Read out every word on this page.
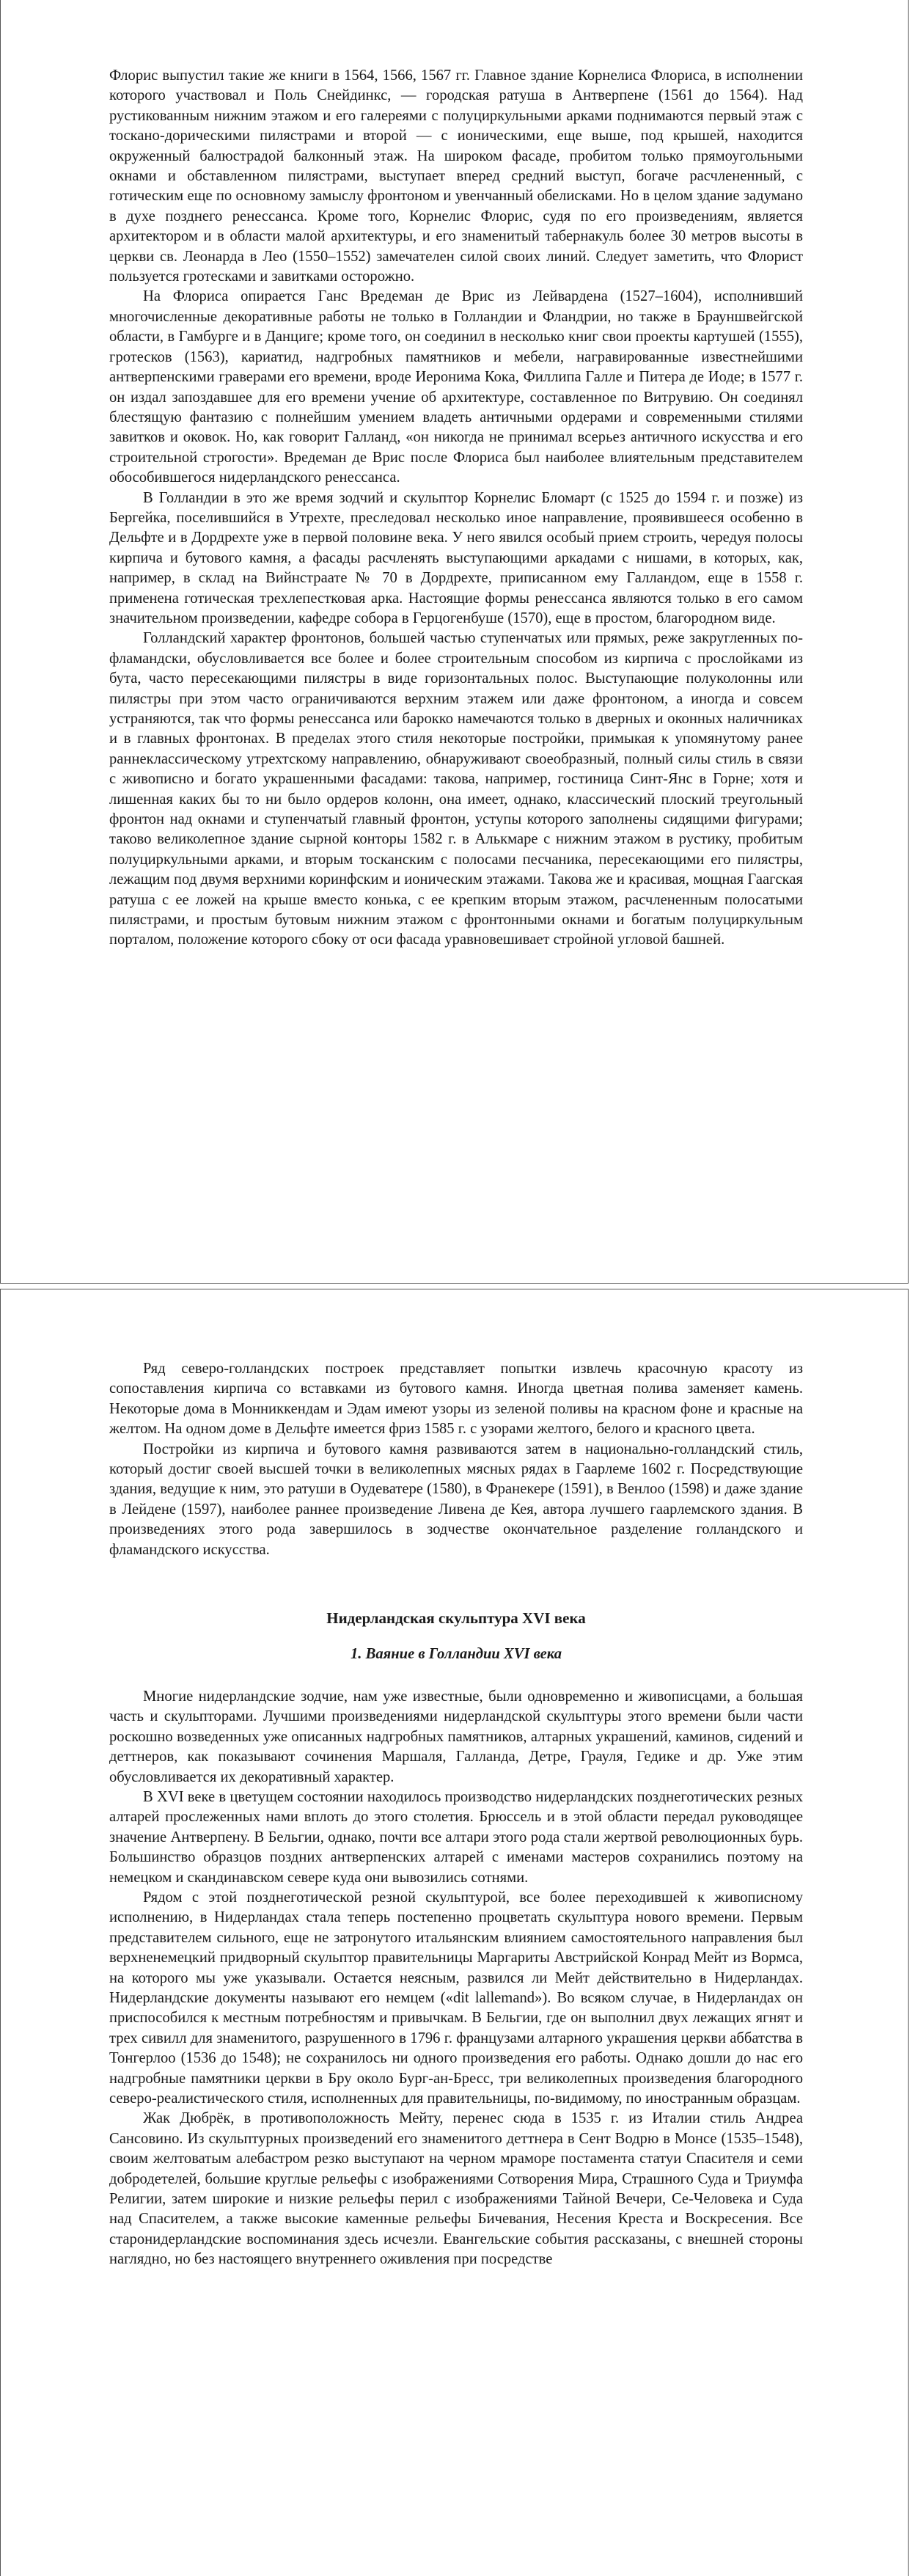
Флорис выпустил такие же книги в 1564, 1566, 1567 гг. Главное здание Корнелиса Флориса, в исполнении которого участвовал и Поль Снейдинкс, — городская ратуша в Антверпене (1561 до 1564). Над рустикованным нижним этажом и его галереями с полуциркульными арками поднимаются первый этаж с тоскано-дорическими пилястрами и второй — с ионическими, еще выше, под крышей, находится окруженный балюстрадой балконный этаж. На широком фасаде, пробитом только прямоугольными окнами и обставленном пилястрами, выступает вперед средний выступ, богаче расчлененный, с готическим еще по основному замыслу фронтоном и увенчанный обелисками. Но в целом здание задумано в духе позднего ренессанса. Кроме того, Корнелис Флорис, судя по его произведениям, является архитектором и в области малой архитектуры, и его знаменитый табернакуль более 30 метров высоты в церкви св. Леонарда в Лео (1550–1552) замечателен силой своих линий. Следует заметить, что Флорист пользуется гротесками и завитками осторожно.

На Флориса опирается Ганс Вредеман де Врис из Лейвардена (1527–1604), исполнивший многочисленные декоративные работы не только в Голландии и Фландрии, но также в Брауншвейгской области, в Гамбурге и в Данциге; кроме того, он соединил в несколько книг свои проекты картушей (1555), гротесков (1563), кариатид, надгробных памятников и мебели, награвированные известнейшими антверпенскими граверами его времени, вроде Иеронима Кока, Филлипа Галле и Питера де Иоде; в 1577 г. он издал запоздавшее для его времени учение об архитектуре, составленное по Витрувию. Он соединял блестящую фантазию с полнейшим умением владеть античными ордерами и современными стилями завитков и оковок. Но, как говорит Галланд, «он никогда не принимал всерьез античного искусства и его строительной строгости». Вредеман де Врис после Флориса был наиболее влиятельным представителем обособившегося нидерландского ренессанса.

В Голландии в это же время зодчий и скульптор Корнелис Бломарт (с 1525 до 1594 г. и позже) из Бергейка, поселившийся в Утрехте, преследовал несколько иное направление, проявившееся особенно в Дельфте и в Дордрехте уже в первой половине века. У него явился особый прием строить, чередуя полосы кирпича и бутового камня, а фасады расчленять выступающими аркадами с нишами, в которых, как, например, в склад на Вийнстраате № 70 в Дордрехте, приписанном ему Галландом, еще в 1558 г. применена готическая трехлепестковая арка. Настоящие формы ренессанса являются только в его самом значительном произведении, кафедре собора в Герцогенбуше (1570), еще в простом, благородном виде.

Голландский характер фронтонов, большей частью ступенчатых или прямых, реже закругленных по-фламандски, обусловливается все более и более строительным способом из кирпича с прослойками из бута, часто пересекающими пилястры в виде горизонтальных полос. Выступающие полуколонны или пилястры при этом часто ограничиваются верхним этажем или даже фронтоном, а иногда и совсем устраняются, так что формы ренессанса или барокко намечаются только в дверных и оконных наличниках и в главных фронтонах. В пределах этого стиля некоторые постройки, примыкая к упомянутому ранее раннеклассическому утрехтскому направлению, обнаруживают своеобразный, полный силы стиль в связи с живописно и богато украшенными фасадами: такова, например, гостиница Синт-Янс в Горне; хотя и лишенная каких бы то ни было ордеров колонн, она имеет, однако, классический плоский треугольный фронтон над окнами и ступенчатый главный фронтон, уступы которого заполнены сидящими фигурами; таково великолепное здание сырной конторы 1582 г. в Алькмаре с нижним этажом в рустику, пробитым полуциркульными арками, и вторым тосканским с полосами песчаника, пересекающими его пилястры, лежащим под двумя верхними коринфским и ионическим этажами. Такова же и красивая, мощная Гаагская ратуша с ее ложей на крыше вместо конька, с ее крепким вторым этажом, расчлененным полосатыми пилястрами, и простым бутовым нижним этажом с фронтонными окнами и богатым полуциркульным порталом, положение которого сбоку от оси фасада уравновешивает стройной угловой башней.

Ряд северо-голландских построек представляет попытки извлечь красочную красоту из сопоставления кирпича со вставками из бутового камня. Иногда цветная полива заменяет камень. Некоторые дома в Монниккендам и Эдам имеют узоры из зеленой поливы на красном фоне и красные на желтом. На одном доме в Дельфте имеется фриз 1585 г. с узорами желтого, белого и красного цвета.

Постройки из кирпича и бутового камня развиваются затем в национально-голландский стиль, который достиг своей высшей точки в великолепных мясных рядах в Гаарлеме 1602 г. Посредствующие здания, ведущие к ним, это ратуши в Оудеватере (1580), в Франекере (1591), в Венлоо (1598) и даже здание в Лейдене (1597), наиболее раннее произведение Ливена де Кея, автора лучшего гаарлемского здания. В произведениях этого рода завершилось в зодчестве окончательное разделение голландского и фламандского искусства.

Нидерландская скульптура XVI века
1. Ваяние в Голландии XVI века

Многие нидерландские зодчие, нам уже известные, были одновременно и живописцами, а большая часть и скульпторами. Лучшими произведениями нидерландской скульптуры этого времени были части роскошно возведенных уже описанных надгробных памятников, алтарных украшений, каминов, сидений и деттнеров, как показывают сочинения Маршаля, Галланда, Детре, Грауля, Гедике и др. Уже этим обусловливается их декоративный характер.

В XVI веке в цветущем состоянии находилось производство нидерландских позднеготических резных алтарей прослеженных нами вплоть до этого столетия. Брюссель и в этой области передал руководящее значение Антверпену. В Бельгии, однако, почти все алтари этого рода стали жертвой революционных бурь. Большинство образцов поздних антверпенских алтарей с именами мастеров сохранились поэтому на немецком и скандинавском севере куда они вывозились сотнями.

Рядом с этой позднеготической резной скульптурой, все более переходившей к живописному исполнению, в Нидерландах стала теперь постепенно процветать скульптура нового времени. Первым представителем сильного, еще не затронутого итальянским влиянием самостоятельного направления был верхненемецкий придворный скульптор правительницы Маргариты Австрийской Конрад Мейт из Вормса, на которого мы уже указывали. Остается неясным, развился ли Мейт действительно в Нидерландах. Нидерландские документы называют его немцем («dit lallemand»). Во всяком случае, в Нидерландах он приспособился к местным потребностям и привычкам. В Бельгии, где он выполнил двух лежащих ягнят и трех сивилл для знаменитого, разрушенного в 1796 г. французами алтарного украшения церкви аббатства в Тонгерлоо (1536 до 1548); не сохранилось ни одного произведения его работы. Однако дошли до нас его надгробные памятники церкви в Бру около Бург-ан-Бресс, три великолепных произведения благородного северо-реалистического стиля, исполненных для правительницы, по-видимому, по иностранным образцам.

Жак Дюбрёк, в противоположность Мейту, перенес сюда в 1535 г. из Италии стиль Андреа Сансовино. Из скульптурных произведений его знаменитого деттнера в Сент Водрю в Монсе (1535–1548), своим желтоватым алебастром резко выступают на черном мраморе постамента статуи Спасителя и семи добродетелей, большие круглые рельефы с изображениями Сотворения Мира, Страшного Суда и Триумфа Религии, затем широкие и низкие рельефы перил с изображениями Тайной Вечери, Се-Человека и Суда над Спасителем, а также высокие каменные рельефы Бичевания, Несения Креста и Воскресения. Все старонидерландские воспоминания здесь исчезли. Евангельские события рассказаны, с внешней стороны наглядно, но без настоящего внутреннего оживления при посредстве
